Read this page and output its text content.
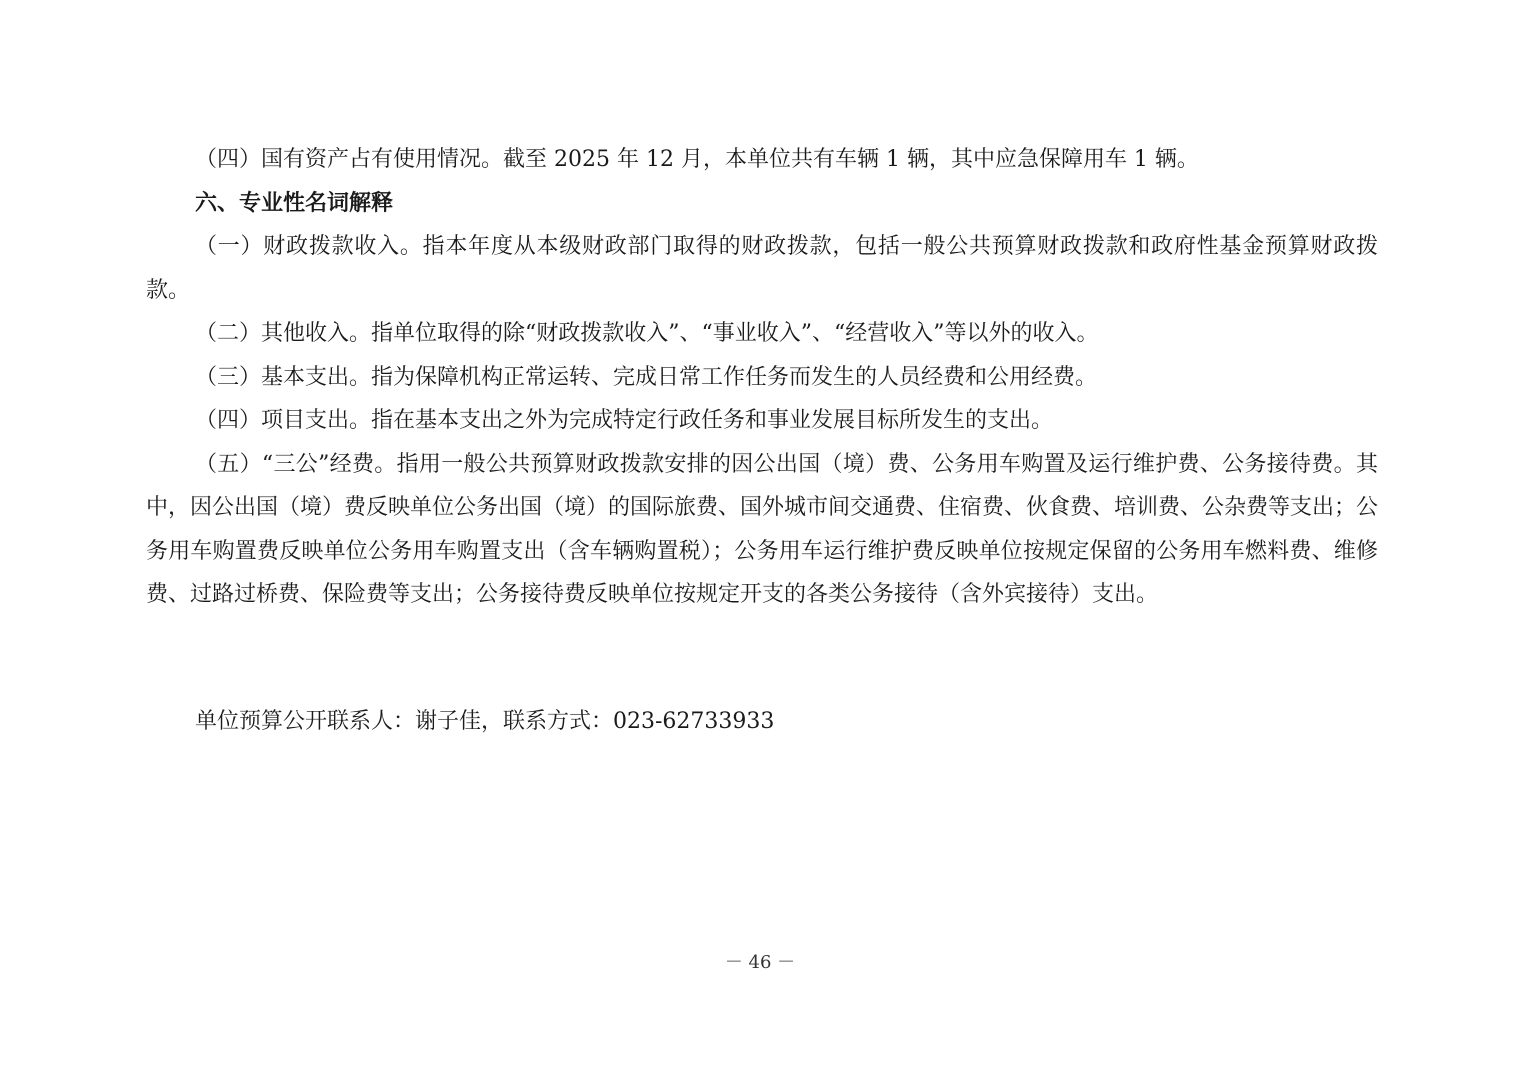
（四）国有资产占有使用情况。截至 2025 年 12 月，本单位共有车辆 1 辆，其中应急保障用车 1 辆。

六、专业性名词解释

（一）财政拨款收入。指本年度从本级财政部门取得的财政拨款，包括一般公共预算财政拨款和政府性基金预算财政拨款。

（二）其他收入。指单位取得的除“财政拨款收入”、“事业收入”、“经营收入”等以外的收入。

（三）基本支出。指为保障机构正常运转、完成日常工作任务而发生的人员经费和公用经费。

（四）项目支出。指在基本支出之外为完成特定行政任务和事业发展目标所发生的支出。

（五）“三公”经费。指用一般公共预算财政拨款安排的因公出国（境）费、公务用车购置及运行维护费、公务接待费。其中，因公出国（境）费反映单位公务出国（境）的国际旅费、国外城市间交通费、住宿费、伙食费、培训费、公杂费等支出；公务用车购置费反映单位公务用车购置支出（含车辆购置税）；公务用车运行维护费反映单位按规定保留的公务用车燃料费、维修费、过路过桥费、保险费等支出；公务接待费反映单位按规定开支的各类公务接待（含外宾接待）支出。

单位预算公开联系人：谢子佳，联系方式：023-62733933

－ 46 －
